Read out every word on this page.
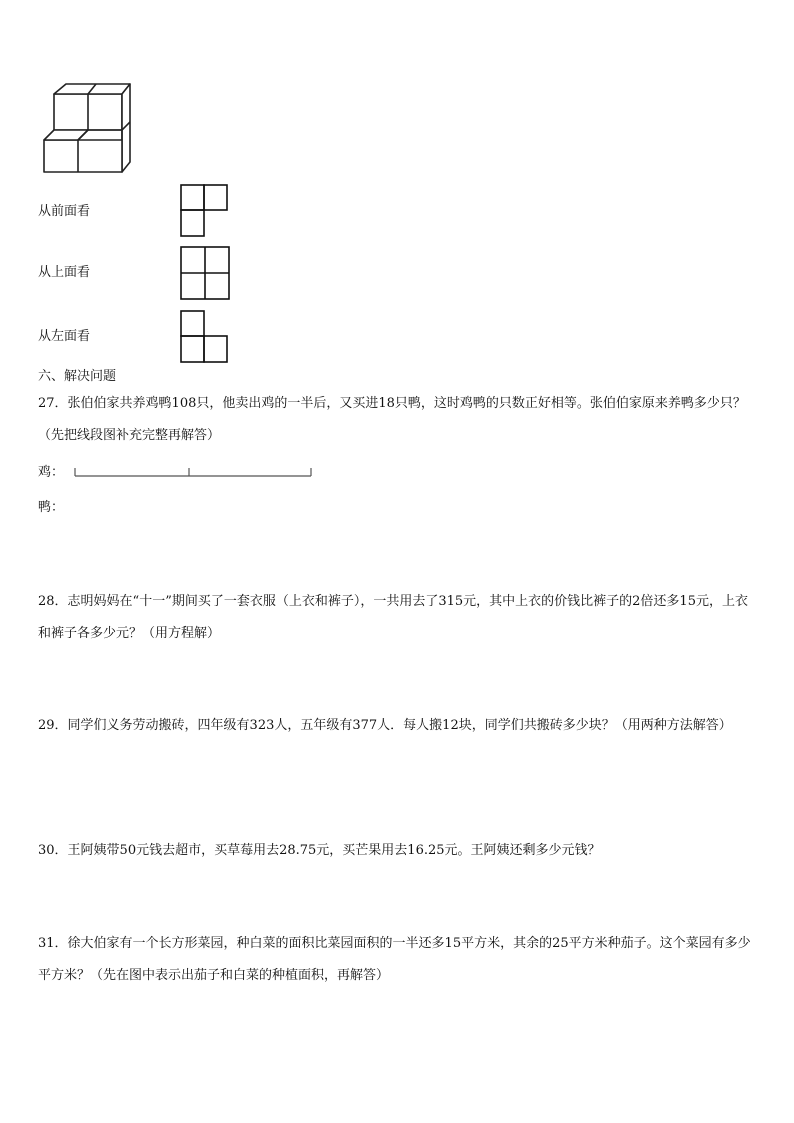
从前面看
从上面看
从左面看
六、解决问题
27．张伯伯家共养鸡鸭108只，他卖出鸡的一半后，又买进18只鸭，这时鸡鸭的只数正好相等。张伯伯家原来养鸭多少只？（先把线段图补充完整再解答）
鸡：
鸭：
28．志明妈妈在“十一”期间买了一套衣服（上衣和裤子），一共用去了315元，其中上衣的价钱比裤子的2倍还多15元，上衣和裤子各多少元？（用方程解）
29．同学们义务劳动搬砖，四年级有323人，五年级有377人．每人搬12块，同学们共搬砖多少块？（用两种方法解答）
30．王阿姨带50元钱去超市，买草莓用去28.75元，买芒果用去16.25元。王阿姨还剩多少元钱？
31．徐大伯家有一个长方形菜园，种白菜的面积比菜园面积的一半还多15平方米，其余的25平方米种茄子。这个菜园有多少平方米？（先在图中表示出茄子和白菜的种植面积，再解答）
